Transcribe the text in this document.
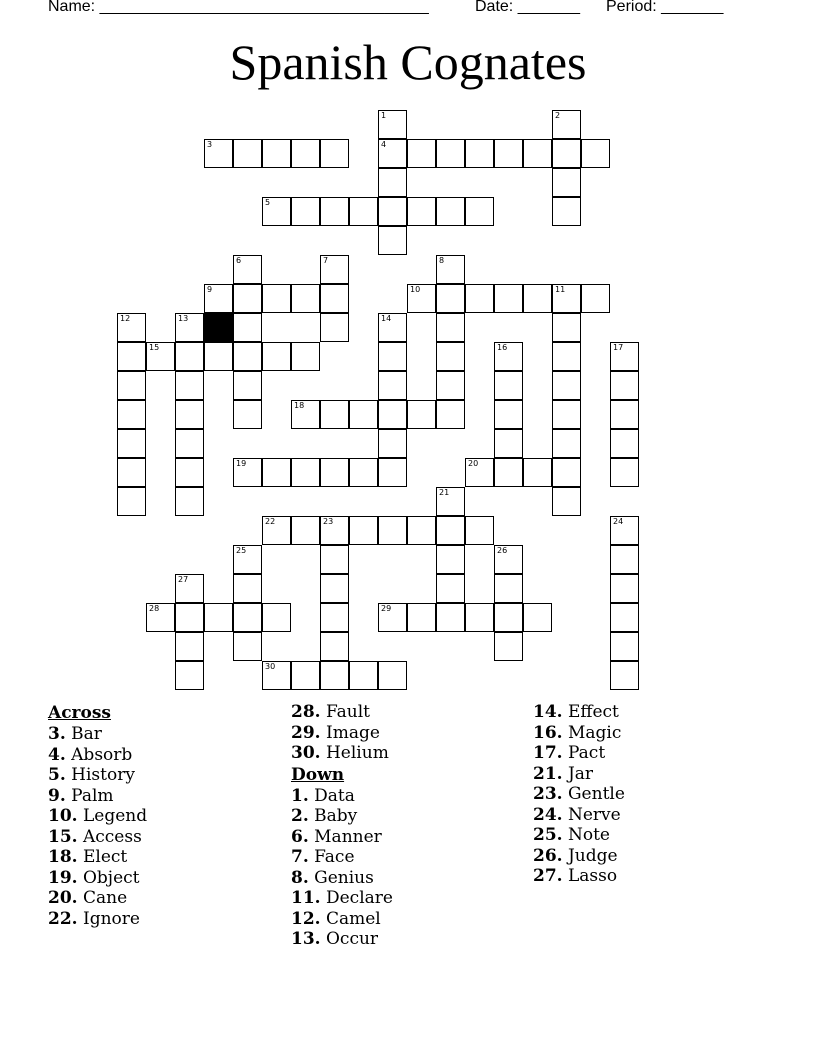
Name: _____________________________________	Date: _______ Period: _______
Spanish Cognates
1
4
2
3
5
6	7	8
9	10	11
12	13	14
15	16	17
18
19	20
21
22	23	24
25	26
27
28	29
30
Across
3. Bar
4. Absorb
5. History
9. Palm
10. Legend
15. Access
18. Elect
19. Object
20. Cane
22. Ignore
28. Fault
29. Image
30. Helium
Down
1. Data
2. Baby
6. Manner
7. Face
8. Genius
11. Declare
12. Camel
13. Occur
14. Effect
16. Magic
17. Pact
21. Jar
23. Gentle
24. Nerve
25. Note
26. Judge
27. Lasso
